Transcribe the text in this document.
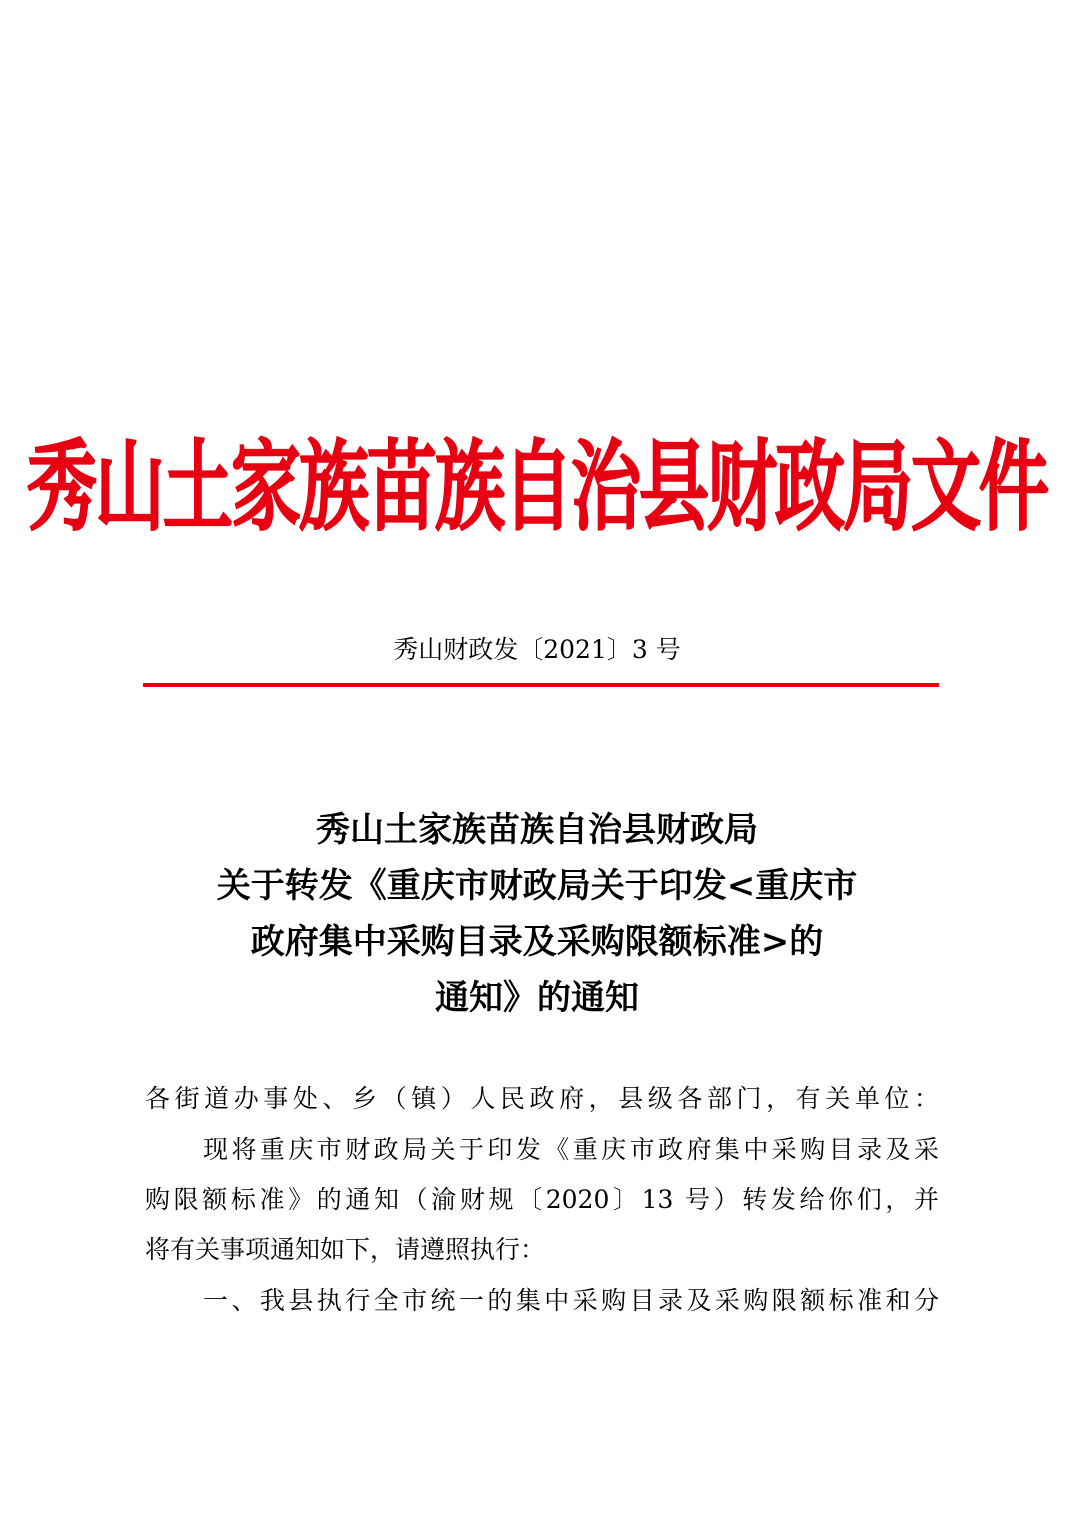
秀山土家族苗族自治县财政局文件
秀山财政发〔2021〕3 号
秀山土家族苗族自治县财政局
关于转发《重庆市财政局关于印发<重庆市
政府集中采购目录及采购限额标准>的
通知》的通知
各街道办事处、乡（镇）人民政府，县级各部门，有关单位：
现将重庆市财政局关于印发《重庆市政府集中采购目录及采
购限额标准》的通知（渝财规〔2020〕13 号）转发给你们，并
将有关事项通知如下，请遵照执行：
一、我县执行全市统一的集中采购目录及采购限额标准和分
